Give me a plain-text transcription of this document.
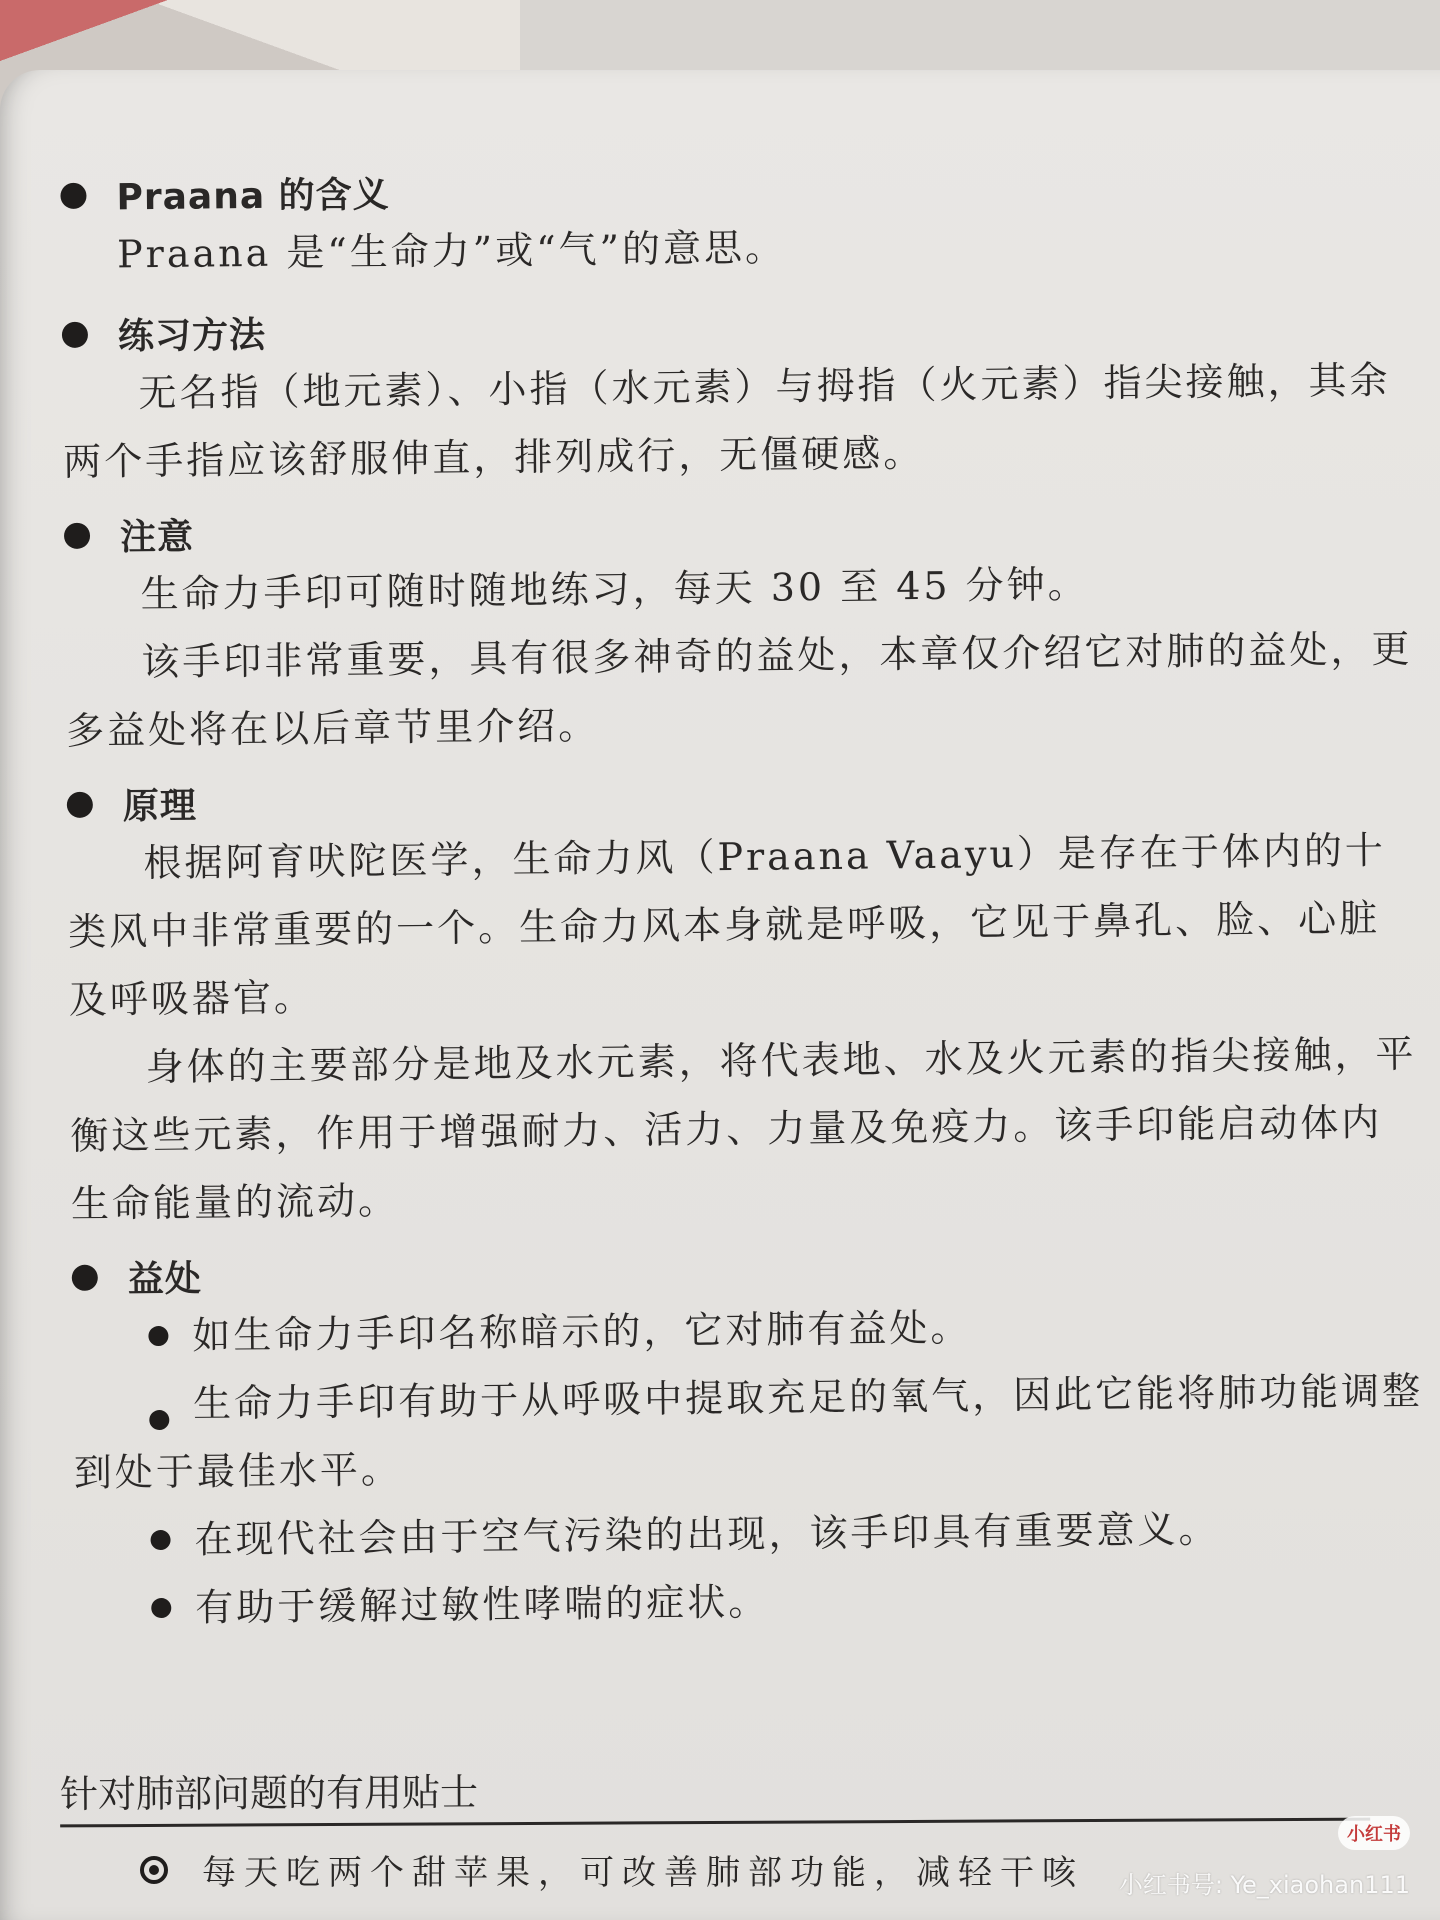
Praana 的含义

Praana 是“生命力”或“气”的意思。

练习方法

无名指（地元素）、小指（水元素）与拇指（火元素）指尖接触，其余两个手指应该舒服伸直，排列成行，无僵硬感。

注意

生命力手印可随时随地练习，每天 30 至 45 分钟。

该手印非常重要，具有很多神奇的益处，本章仅介绍它对肺的益处，更多益处将在以后章节里介绍。

原理

根据阿育吠陀医学，生命力风（Praana Vaayu）是存在于体内的十类风中非常重要的一个。生命力风本身就是呼吸，它见于鼻孔、脸、心脏及呼吸器官。

身体的主要部分是地及水元素，将代表地、水及火元素的指尖接触，平衡这些元素，作用于增强耐力、活力、力量及免疫力。该手印能启动体内生命能量的流动。

益处

如生命力手印名称暗示的，它对肺有益处。

生命力手印有助于从呼吸中提取充足的氧气，因此它能将肺功能调整到处于最佳水平。

在现代社会由于空气污染的出现，该手印具有重要意义。

有助于缓解过敏性哮喘的症状。

针对肺部问题的有用贴士
每天吃两个甜苹果，可改善肺部功能，减轻干咳
小红书
小红书号: Ye_xiaohan111
